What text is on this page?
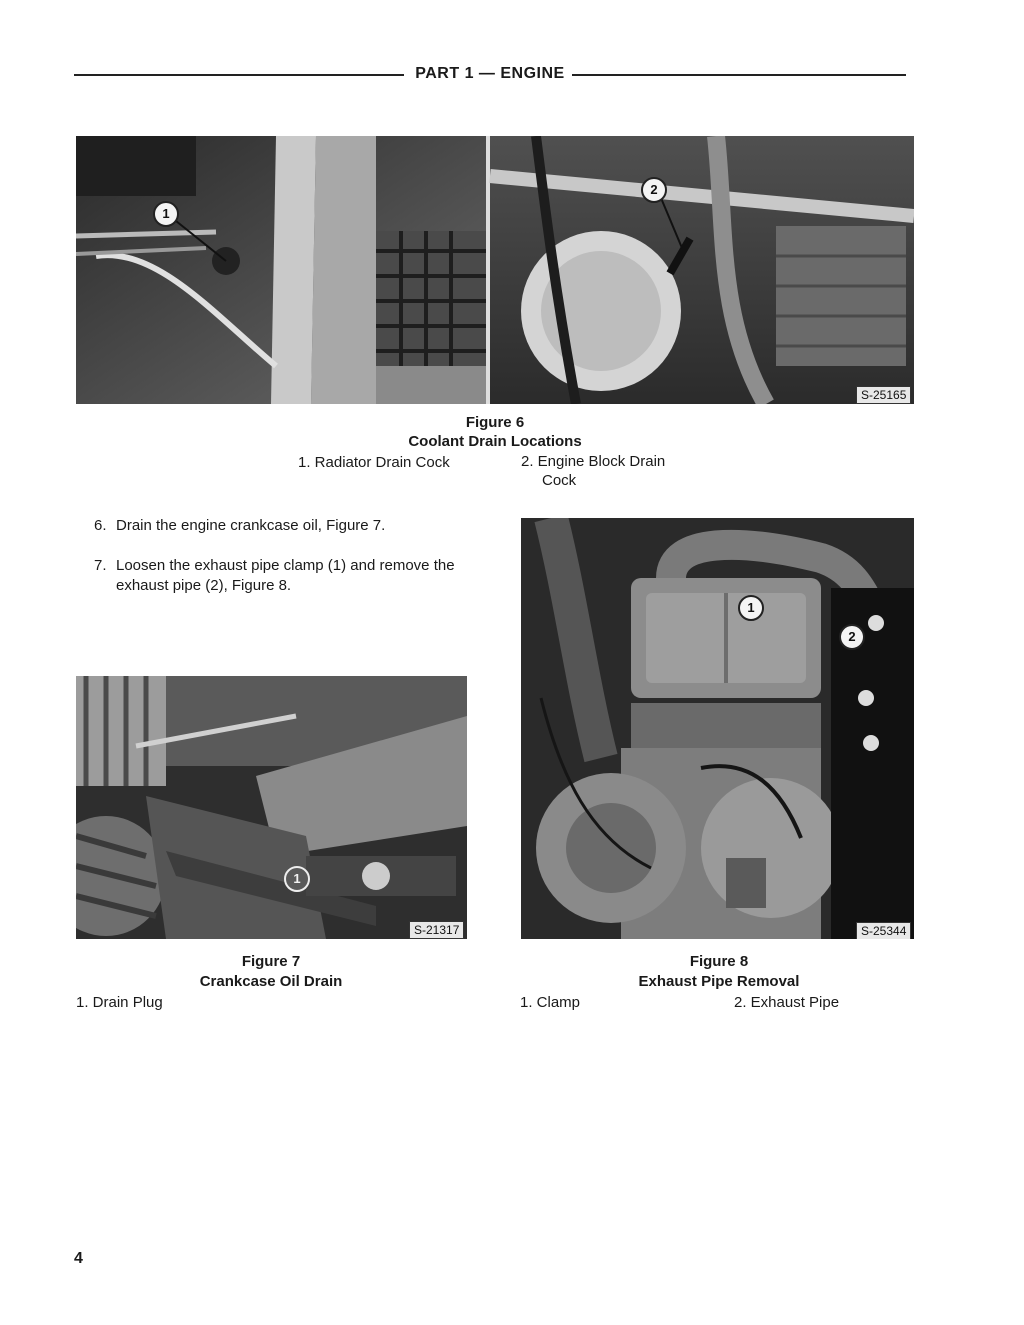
PART 1 — ENGINE
1
2
S-25165
Figure 6
Coolant Drain Locations
1. Radiator Drain Cock	2. Engine Block Drain
Cock
6. Drain the engine crankcase oil, Figure 7.
7. Loosen the exhaust pipe clamp (1) and remove the
exhaust pipe (2), Figure 8.
1
S-21317
Figure 7
Crankcase Oil Drain
1. Drain Plug
1
2
S-25344
Figure 8
Exhaust Pipe Removal
1. Clamp	2. Exhaust Pipe
4
